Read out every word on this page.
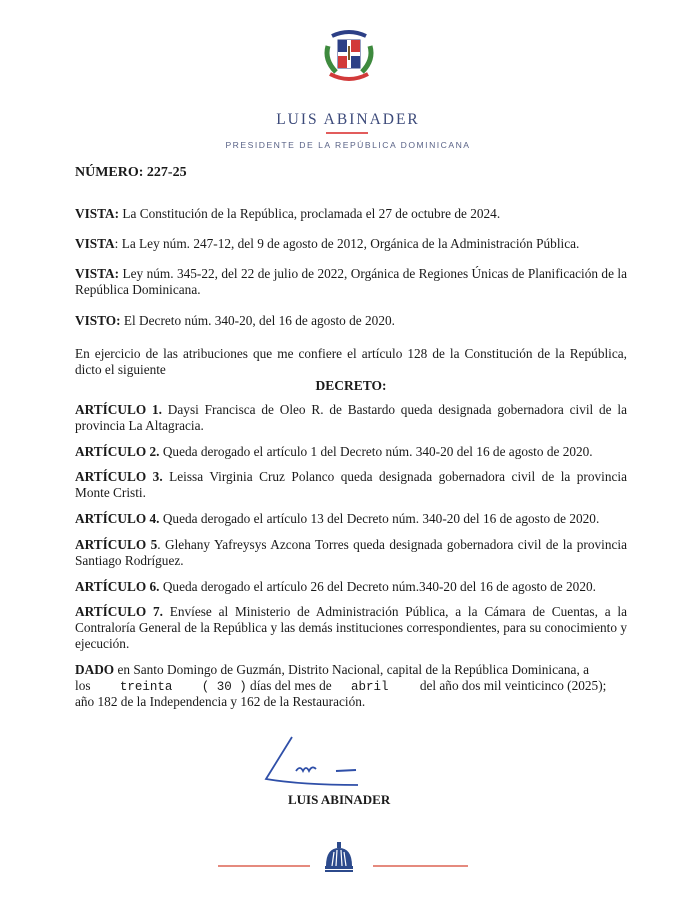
LUIS ABINADER
PRESIDENTE DE LA REPÚBLICA DOMINICANA
NÚMERO: 227-25
VISTA: La Constitución de la República, proclamada el 27 de octubre de 2024.
VISTA: La Ley núm. 247-12, del 9 de agosto de 2012, Orgánica de la Administración Pública.
VISTA: Ley núm. 345-22, del 22 de julio de 2022, Orgánica de Regiones Únicas de Planificación de la República Dominicana.
VISTO: El Decreto núm. 340-20, del 16 de agosto de 2020.
En ejercicio de las atribuciones que me confiere el artículo 128 de la Constitución de la República, dicto el siguiente
DECRETO:
ARTÍCULO 1. Daysi Francisca de Oleo R. de Bastardo queda designada gobernadora civil de la provincia La Altagracia.
ARTÍCULO 2. Queda derogado el artículo 1 del Decreto núm. 340-20 del 16 de agosto de 2020.
ARTÍCULO 3. Leissa Virginia Cruz Polanco queda designada gobernadora civil de la provincia Monte Cristi.
ARTÍCULO 4. Queda derogado el artículo 13 del Decreto núm. 340-20 del 16 de agosto de 2020.
ARTÍCULO 5. Glehany Yafreysys Azcona Torres queda designada gobernadora civil de la provincia Santiago Rodríguez.
ARTÍCULO 6. Queda derogado el artículo 26 del Decreto núm.340-20 del 16 de agosto de 2020.
ARTÍCULO 7. Envíese al Ministerio de Administración Pública, a la Cámara de Cuentas, a la Contraloría General de la República y las demás instituciones correspondientes, para su conocimiento y ejecución.
DADO en Santo Domingo de Guzmán, Distrito Nacional, capital de la República Dominicana, a
los treinta ( 30 ) días del mes de abril del año dos mil veinticinco (2025);
año 182 de la Independencia y 162 de la Restauración.
LUIS ABINADER
